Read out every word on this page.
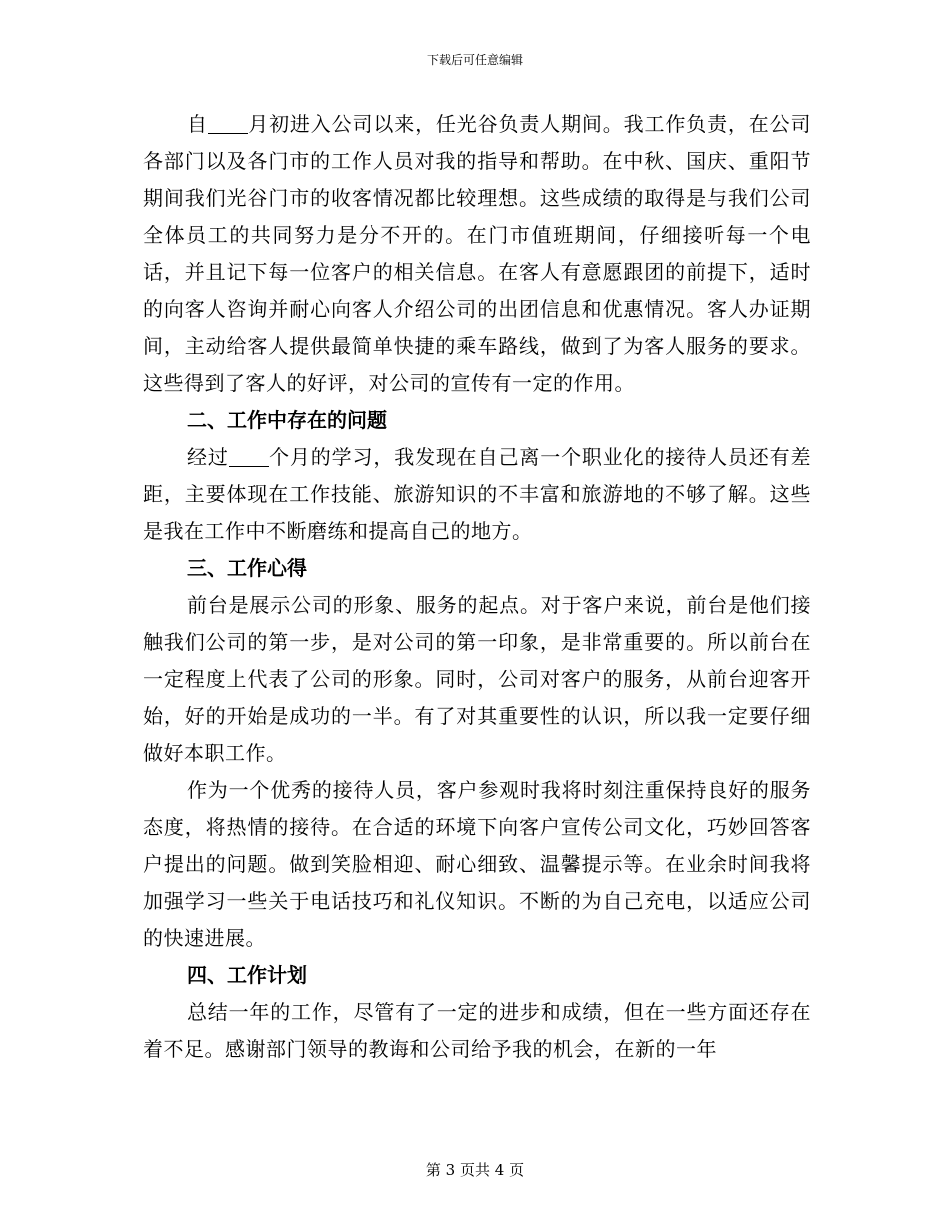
下载后可任意编辑

自 月初进入公司以来，任光谷负责人期间。我工作负责，在公司各部门以及各门市的工作人员对我的指导和帮助。在中秋、国庆、重阳节期间我们光谷门市的收客情况都比较理想。这些成绩的取得是与我们公司全体员工的共同努力是分不开的。在门市值班期间，仔细接听每一个电话，并且记下每一位客户的相关信息。在客人有意愿跟团的前提下，适时的向客人咨询并耐心向客人介绍公司的出团信息和优惠情况。客人办证期间，主动给客人提供最简单快捷的乘车路线，做到了为客人服务的要求。这些得到了客人的好评，对公司的宣传有一定的作用。

二、工作中存在的问题

经过 个月的学习，我发现在自己离一个职业化的接待人员还有差距，主要体现在工作技能、旅游知识的不丰富和旅游地的不够了解。这些是我在工作中不断磨练和提高自己的地方。

三、工作心得

前台是展示公司的形象、服务的起点。对于客户来说，前台是他们接触我们公司的第一步，是对公司的第一印象，是非常重要的。所以前台在一定程度上代表了公司的形象。同时，公司对客户的服务，从前台迎客开始，好的开始是成功的一半。有了对其重要性的认识，所以我一定要仔细做好本职工作。

作为一个优秀的接待人员，客户参观时我将时刻注重保持良好的服务态度，将热情的接待。在合适的环境下向客户宣传公司文化，巧妙回答客户提出的问题。做到笑脸相迎、耐心细致、温馨提示等。在业余时间我将加强学习一些关于电话技巧和礼仪知识。不断的为自己充电，以适应公司的快速进展。

四、工作计划

总结一年的工作，尽管有了一定的进步和成绩，但在一些方面还存在着不足。感谢部门领导的教诲和公司给予我的机会，在新的一年

第 3 页共 4 页
